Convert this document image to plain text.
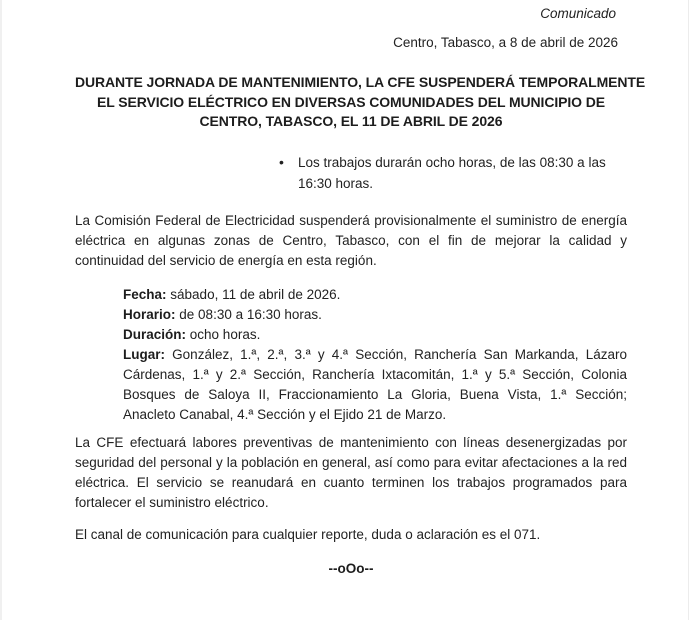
Comunicado
Centro, Tabasco, a 8 de abril de 2026
DURANTE JORNADA DE MANTENIMIENTO, LA CFE SUSPENDERÁ TEMPORALMENTE
EL SERVICIO ELÉCTRICO EN DIVERSAS COMUNIDADES DEL MUNICIPIO DE
CENTRO, TABASCO, EL 11 DE ABRIL DE 2026
•	Los trabajos durarán ocho horas, de las 08:30 a las 16:30 horas.

La Comisión Federal de Electricidad suspenderá provisionalmente el suministro de energía eléctrica en algunas zonas de Centro, Tabasco, con el fin de mejorar la calidad y continuidad del servicio de energía en esta región.

Fecha: sábado, 11 de abril de 2026.

Horario: de 08:30 a 16:30 horas.

Duración: ocho horas.

Lugar: González, 1.ª, 2.ª, 3.ª y 4.ª Sección, Ranchería San Markanda, Lázaro Cárdenas, 1.ª y 2.ª Sección, Ranchería Ixtacomitán, 1.ª y 5.ª Sección, Colonia Bosques de Saloya II, Fraccionamiento La Gloria, Buena Vista, 1.ª Sección; Anacleto Canabal, 4.ª Sección y el Ejido 21 de Marzo.

La CFE efectuará labores preventivas de mantenimiento con líneas desenergizadas por seguridad del personal y la población en general, así como para evitar afectaciones a la red eléctrica. El servicio se reanudará en cuanto terminen los trabajos programados para fortalecer el suministro eléctrico.

El canal de comunicación para cualquier reporte, duda o aclaración es el 071.

--oOo--
